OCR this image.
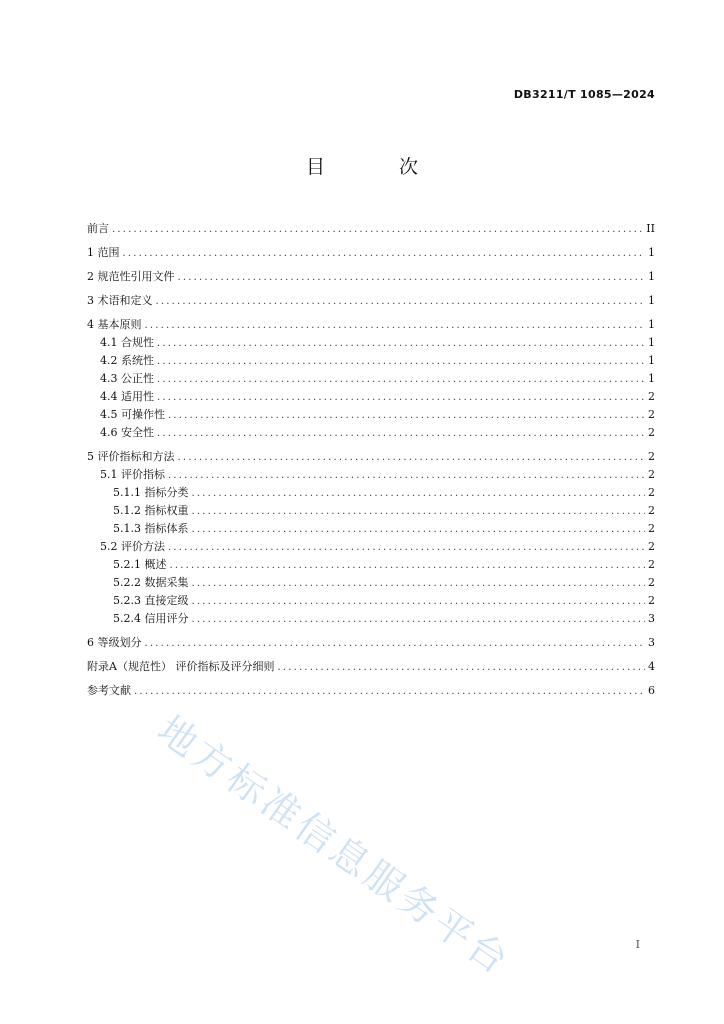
DB3211/T 1085—2024
目 次
前言 .....	II
1 范围 .....	1
2 规范性引用文件 .....	1
3 术语和定义 .....	1
4 基本原则 .....	1
4.1 合规性 .....	1
4.2 系统性 .....	1
4.3 公正性 .....	1
4.4 适用性 .....	2
4.5 可操作性 .....	2
4.6 安全性 .....	2
5 评价指标和方法 .....	2
5.1 评价指标 .....	2
5.1.1 指标分类 .....	2
5.1.2 指标权重 .....	2
5.1.3 指标体系 .....	2
5.2 评价方法 .....	2
5.2.1 概述 .....	2
5.2.2 数据采集 .....	2
5.2.3 直接定级 .....	2
5.2.4 信用评分 .....	3
6 等级划分 .....	3
附录A（规范性） 评价指标及评分细则 .....	4
参考文献 .....	6
地方标准信息服务平台	I
